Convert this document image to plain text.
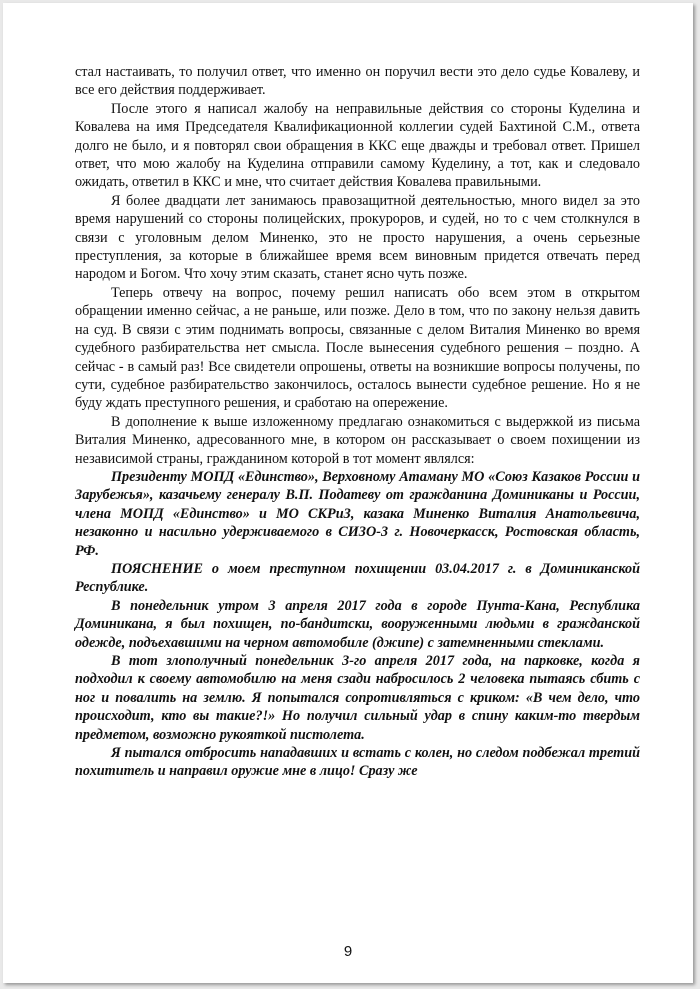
стал настаивать, то получил ответ, что именно он поручил вести это дело судье Ковалеву, и все его действия поддерживает.

После этого я написал жалобу на неправильные действия со стороны Куделина и Ковалева на имя Председателя Квалификационной коллегии судей Бахтиной С.М., ответа долго не было, и я повторял свои обращения в ККС еще дважды и требовал ответ. Пришел ответ, что мою жалобу на Куделина отправили самому Куделину, а тот, как и следовало ожидать, ответил в ККС и мне, что считает действия Ковалева правильными.

Я более двадцати лет занимаюсь правозащитной деятельностью, много видел за это время нарушений со стороны полицейских, прокуроров, и судей, но то с чем столкнулся в связи с уголовным делом Миненко, это не просто нарушения, а очень серьезные преступления, за которые в ближайшее время всем виновным придется отвечать перед народом и Богом. Что хочу этим сказать, станет ясно чуть позже.

Теперь отвечу на вопрос, почему решил написать обо всем этом в открытом обращении именно сейчас, а не раньше, или позже. Дело в том, что по закону нельзя давить на суд. В связи с этим поднимать вопросы, связанные с делом Виталия Миненко во время судебного разбирательства нет смысла. После вынесения судебного решения – поздно. А сейчас - в самый раз! Все свидетели опрошены, ответы на возникшие вопросы получены, по сути, судебное разбирательство закончилось, осталось вынести судебное решение. Но я не буду ждать преступного решения, и сработаю на опережение.

В дополнение к выше изложенному предлагаю ознакомиться с выдержкой из письма Виталия Миненко, адресованного мне, в котором он рассказывает о своем похищении из независимой страны, гражданином которой в тот момент являлся:

Президенту МОПД «Единство», Верховному Атаману МО «Союз Казаков России и Зарубежья», казачьему генералу В.П. Податеву от гражданина Доминиканы и России, члена МОПД «Единство» и МО СКРиЗ, казака Миненко Виталия Анатольевича, незаконно и насильно удерживаемого в СИЗО-3 г. Новочеркасск, Ростовская область, РФ.

ПОЯСНЕНИЕ о моем преступном похищении 03.04.2017 г. в Доминиканской Республике.

В понедельник утром 3 апреля 2017 года в городе Пунта-Кана, Республика Доминикана, я был похищен, по-бандитски, вооруженными людьми в гражданской одежде, подъехавшими на черном автомобиле (джипе) с затемненными стеклами.

В тот злополучный понедельник 3-го апреля 2017 года, на парковке, когда я подходил к своему автомобилю на меня сзади набросилось 2 человека пытаясь сбить с ног и повалить на землю. Я попытался сопротивляться с криком: «В чем дело, что происходит, кто вы такие?!» Но получил сильный удар в спину каким-то твердым предметом, возможно рукояткой пистолета.

Я пытался отбросить нападавших и встать с колен, но следом подбежал третий похититель и направил оружие мне в лицо! Сразу же

9
